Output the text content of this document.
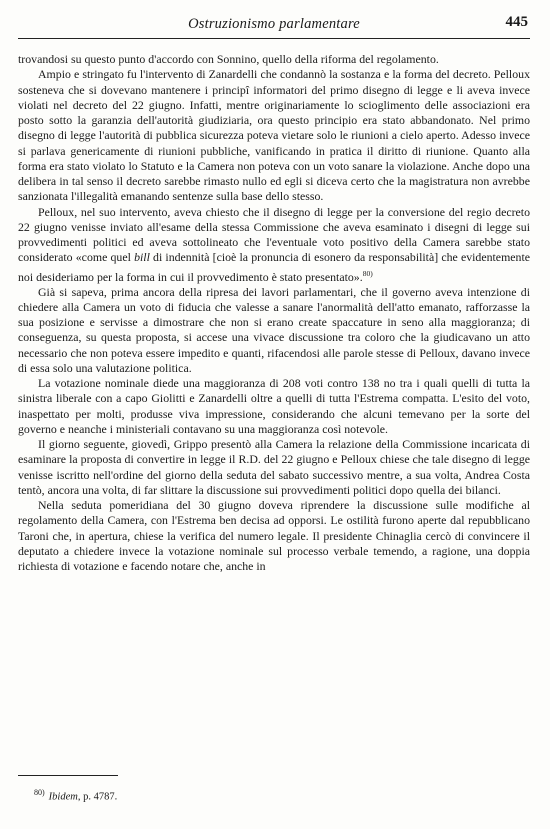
Ostruzionismo parlamentare	445

trovandosi su questo punto d'accordo con Sonnino, quello della riforma del regolamento.

Ampio e stringato fu l'intervento di Zanardelli che condannò la sostanza e la forma del decreto. Pelloux sosteneva che si dovevano mantenere i principî informatori del primo disegno di legge e li aveva invece violati nel decreto del 22 giugno. Infatti, mentre originariamente lo scioglimento delle associazioni era posto sotto la garanzia dell'autorità giudiziaria, ora questo principio era stato abbandonato. Nel primo disegno di legge l'autorità di pubblica sicurezza poteva vietare solo le riunioni a cielo aperto. Adesso invece si parlava genericamente di riunioni pubbliche, vanificando in pratica il diritto di riunione. Quanto alla forma era stato violato lo Statuto e la Camera non poteva con un voto sanare la violazione. Anche dopo una delibera in tal senso il decreto sarebbe rimasto nullo ed egli si diceva certo che la magistratura non avrebbe sanzionata l'illegalità emanando sentenze sulla base dello stesso.

Pelloux, nel suo intervento, aveva chiesto che il disegno di legge per la conversione del regio decreto 22 giugno venisse inviato all'esame della stessa Commissione che aveva esaminato i disegni di legge sui provvedimenti politici ed aveva sottolineato che l'eventuale voto positivo della Camera sarebbe stato considerato «come quel bill di indennità [cioè la pronuncia di esonero da responsabilità] che evidentemente noi desideriamo per la forma in cui il provvedimento è stato presentato».$^{80)}$

Già si sapeva, prima ancora della ripresa dei lavori parlamentari, che il governo aveva intenzione di chiedere alla Camera un voto di fiducia che valesse a sanare l'anormalità dell'atto emanato, rafforzasse la sua posizione e servisse a dimostrare che non si erano create spaccature in seno alla maggioranza; di conseguenza, su questa proposta, si accese una vivace discussione tra coloro che la giudicavano un atto necessario che non poteva essere impedito e quanti, rifacendosi alle parole stesse di Pelloux, davano invece di essa solo una valutazione politica.

La votazione nominale diede una maggioranza di 208 voti contro 138 no tra i quali quelli di tutta la sinistra liberale con a capo Giolitti e Zanardelli oltre a quelli di tutta l'Estrema compatta. L'esito del voto, inaspettato per molti, produsse viva impressione, considerando che alcuni temevano per la sorte del governo e neanche i ministeriali contavano su una maggioranza così notevole.

Il giorno seguente, giovedì, Grippo presentò alla Camera la relazione della Commissione incaricata di esaminare la proposta di convertire in legge il R.D. del 22 giugno e Pelloux chiese che tale disegno di legge venisse iscritto nell'ordine del giorno della seduta del sabato successivo mentre, a sua volta, Andrea Costa tentò, ancora una volta, di far slittare la discussione sui provvedimenti politici dopo quella dei bilanci.

Nella seduta pomeridiana del 30 giugno doveva riprendere la discussione sulle modifiche al regolamento della Camera, con l'Estrema ben decisa ad opporsi. Le ostilità furono aperte dal repubblicano Taroni che, in apertura, chiese la verifica del numero legale. Il presidente Chinaglia cercò di convincere il deputato a chiedere invece la votazione nominale sul processo verbale temendo, a ragione, una doppia richiesta di votazione e facendo notare che, anche in

$^{80)}$ Ibidem, p. 4787.
